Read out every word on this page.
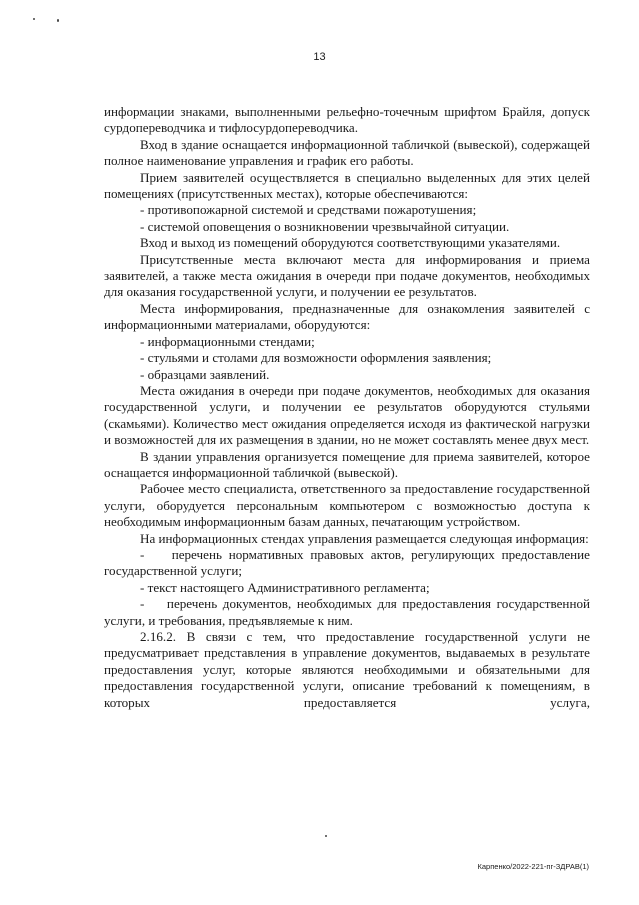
13

информации знаками, выполненными рельефно-точечным шрифтом Брайля, допуск сурдопереводчика и тифлосурдопереводчика.

Вход в здание оснащается информационной табличкой (вывеской), содержащей полное наименование управления и график его работы.

Прием заявителей осуществляется в специально выделенных для этих целей помещениях (присутственных местах), которые обеспечиваются:

- противопожарной системой и средствами пожаротушения;

- системой оповещения о возникновении чрезвычайной ситуации.

Вход и выход из помещений оборудуются соответствующими указателями.

Присутственные места включают места для информирования и приема заявителей, а также места ожидания в очереди при подаче документов, необходимых для оказания государственной услуги, и получении ее результатов.

Места информирования, предназначенные для ознакомления заявителей с информационными материалами, оборудуются:

- информационными стендами;

- стульями и столами для возможности оформления заявления;

- образцами заявлений.

Места ожидания в очереди при подаче документов, необходимых для оказания государственной услуги, и получении ее результатов оборудуются стульями (скамьями). Количество мест ожидания определяется исходя из фактической нагрузки и возможностей для их размещения в здании, но не может составлять менее двух мест.

В здании управления организуется помещение для приема заявителей, которое оснащается информационной табличкой (вывеской).

Рабочее место специалиста, ответственного за предоставление государственной услуги, оборудуется персональным компьютером с возможностью доступа к необходимым информационным базам данных, печатающим устройством.

На информационных стендах управления размещается следующая информация:

-    перечень нормативных правовых актов, регулирующих предоставление государственной услуги;

- текст настоящего Административного регламента;

-    перечень документов, необходимых для предоставления государственной услуги, и требования, предъявляемые к ним.

2.16.2. В связи с тем, что предоставление государственной услуги не предусматривает представления в управление документов, выдаваемых в результате предоставления услуг, которые являются необходимыми и обязательными для предоставления государственной услуги, описание требований к помещениям, в которых предоставляется услуга,

Карпенко/2022-221-пг-ЗДРАВ(1)
